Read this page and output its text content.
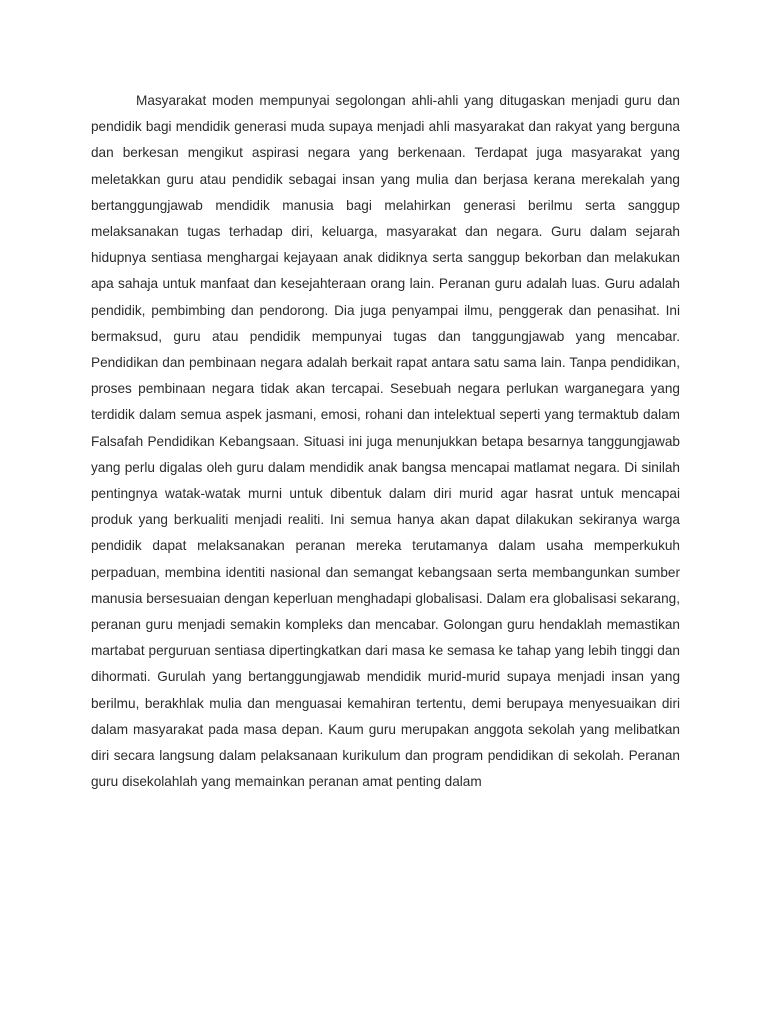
Masyarakat moden mempunyai segolongan ahli-ahli yang ditugaskan menjadi guru dan pendidik bagi mendidik generasi muda supaya menjadi ahli masyarakat dan rakyat yang berguna dan berkesan mengikut aspirasi negara yang berkenaan. Terdapat juga masyarakat yang meletakkan guru atau pendidik sebagai insan yang mulia dan berjasa kerana merekalah yang bertanggungjawab mendidik manusia bagi melahirkan generasi berilmu serta sanggup melaksanakan tugas terhadap diri, keluarga, masyarakat dan negara. Guru dalam sejarah hidupnya sentiasa menghargai kejayaan anak didiknya serta sanggup bekorban dan melakukan apa sahaja untuk manfaat dan kesejahteraan orang lain. Peranan guru adalah luas. Guru adalah pendidik, pembimbing dan pendorong. Dia juga penyampai ilmu, penggerak dan penasihat. Ini bermaksud, guru atau pendidik mempunyai tugas dan tanggungjawab yang mencabar. Pendidikan dan pembinaan negara adalah berkait rapat antara satu sama lain. Tanpa pendidikan, proses pembinaan negara tidak akan tercapai. Sesebuah negara perlukan warganegara yang terdidik dalam semua aspek jasmani, emosi, rohani dan intelektual seperti yang termaktub dalam Falsafah Pendidikan Kebangsaan. Situasi ini juga menunjukkan betapa besarnya tanggungjawab yang perlu digalas oleh guru dalam mendidik anak bangsa mencapai matlamat negara. Di sinilah pentingnya watak-watak murni untuk dibentuk dalam diri murid agar hasrat untuk mencapai produk yang berkualiti menjadi realiti. Ini semua hanya akan dapat dilakukan sekiranya warga pendidik dapat melaksanakan peranan mereka terutamanya dalam usaha memperkukuh perpaduan, membina identiti nasional dan semangat kebangsaan serta membangunkan sumber manusia bersesuaian dengan keperluan menghadapi globalisasi. Dalam era globalisasi sekarang, peranan guru menjadi semakin kompleks dan mencabar. Golongan guru hendaklah memastikan martabat perguruan sentiasa dipertingkatkan dari masa ke semasa ke tahap yang lebih tinggi dan dihormati. Gurulah yang bertanggungjawab mendidik murid-murid supaya menjadi insan yang berilmu, berakhlak mulia dan menguasai kemahiran tertentu, demi berupaya menyesuaikan diri dalam masyarakat pada masa depan. Kaum guru merupakan anggota sekolah yang melibatkan diri secara langsung dalam pelaksanaan kurikulum dan program pendidikan di sekolah. Peranan guru disekolahlah yang memainkan peranan amat penting dalam
